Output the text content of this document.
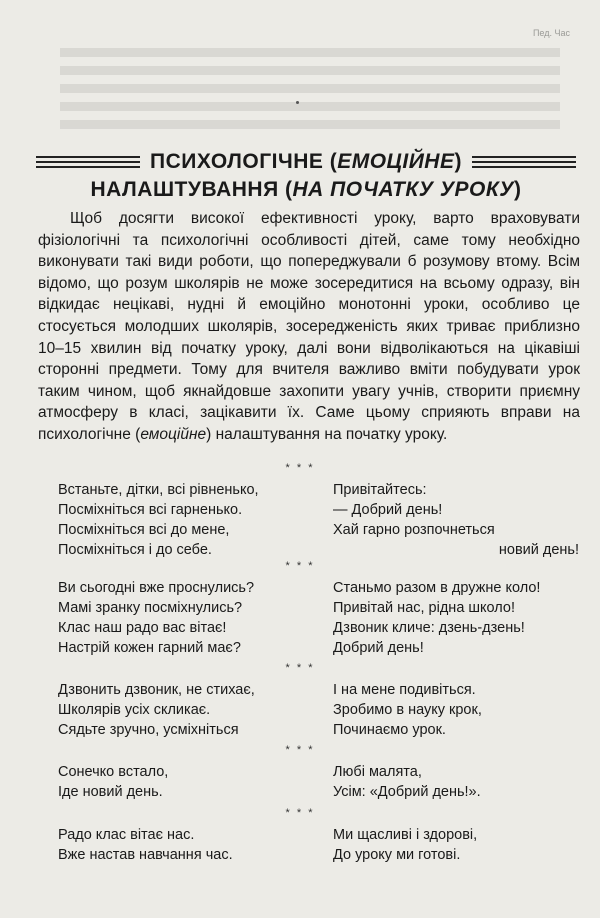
Пед. Час
ПСИХОЛОГІЧНЕ (ЕМОЦІЙНЕ)
НАЛАШТУВАННЯ (НА ПОЧАТКУ УРОКУ)
Щоб досягти високої ефективності уроку, варто враховувати фізіологічні та психологічні особливості дітей, саме тому необхідно виконувати такі види роботи, що попереджували б розумову втому. Всім відомо, що розум школярів не може зосередитися на всьому одразу, він відкидає нецікаві, нудні й емоційно монотонні уроки, особливо це стосується молодших школярів, зосередженість яких триває приблизно 10–15 хвилин від початку уроку, далі вони відволікаються на цікавіші сторонні предмети. Тому для вчителя важливо вміти побудувати урок таким чином, щоб якнайдовше захопити увагу учнів, створити приємну атмосферу в класі, зацікавити їх. Саме цьому сприяють вправи на психологічне (емоційне) налаштування на початку уроку.
* * *
Встаньте, дітки, всі рівненько,
Посміхніться всі гарненько.
Посміхніться всі до мене,
Посміхніться і до себе.
Привітайтесь:
— Добрий день!
Хай гарно розпочнеться
новий день!
* * *
Ви сьогодні вже проснулись?
Мамі зранку посміхнулись?
Клас наш радо вас вітає!
Настрій кожен гарний має?
Станьмо разом в дружне коло!
Привітай нас, рідна школо!
Дзвоник кличе: дзень-дзень!
Добрий день!
* * *
Дзвонить дзвоник, не стихає,
Школярів усіх скликає.
Сядьте зручно, усміхніться
І на мене подивіться.
Зробимо в науку крок,
Починаємо урок.
* * *
Сонечко встало,
Іде новий день.
Любі малята,
Усім: «Добрий день!».
* * *
Радо клас вітає нас.
Вже настав навчання час.
Ми щасливі і здорові,
До уроку ми готові.
